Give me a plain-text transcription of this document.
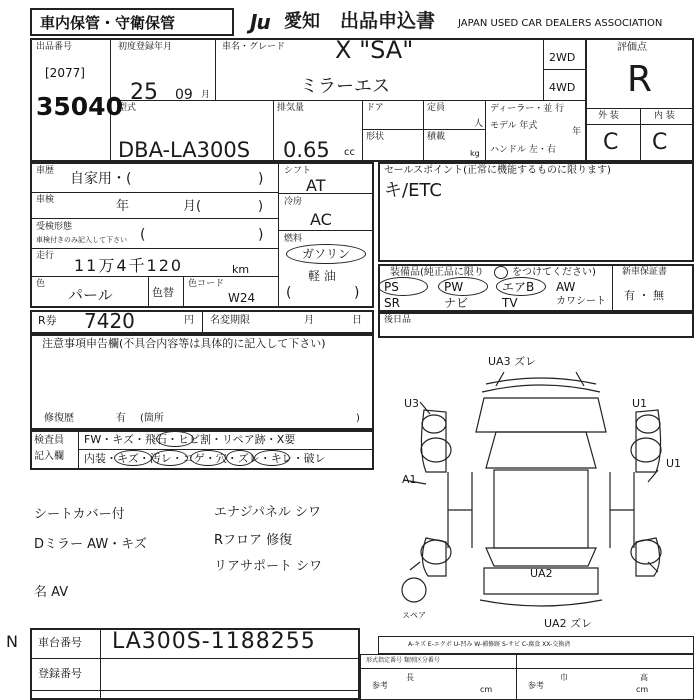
車内保管・守衛保管	Ju 愛知 出品申込書 JAPAN USED CAR DEALERS ASSOCIATION
出品番号
[2077]
35040
初度登録年月
25 09 月
車名・グレード X "SA"
ミラーエス
2WD
4WD
評価点
R
外 装	内 装
C C
型式
DBA-LA300S
排気量
0.65 cc
ドア
形状
定員
人
積載
kg
ディーラー・並 行
モデル 年式
年
ハンドル 左・右
車歴 自家用・(	)
車検	年	月(	)
受検形態
車検付きのみ記入して下さい (	)
走行 11万4千120	km
色
パール	色替
色コード
W24
シフト
AT
冷房
AC
燃料
ガソリン
軽 油
(	)
R券 7420	円 名変期限	月	日
セールスポイント(正常に機能するものに限ります)
キ/ETC
装備品(純正品に限り	をつけてください)	新車保証書
有 ・ 無
PS	PW	エアB AW
SR	ナビ	TV	カワシート
後日品
注意事項申告欄(不具合内容等は具体的に記入して下さい)
修復歴	有 (箇所	)
検査員
記入欄
FW・キズ・飛石・ヒビ割・リペア跡・X要
内装・キズ・汚レ・コゲ・穴・ズレ・キレ・破レ
シートカバー付
Dミラー AW・キズ
エナジパネル シワ
Rフロア 修復
リアサポート シワ
名 AV
UA3 ズレ
U3
A1
U1
U1
UA2
UA2 ズレ
スペア
A-キズ E-エクボ U-凹み W-補修跡 S-サビ C-腐食 XX-交換済
車台番号 LA300S-1188255
登録番号
N
形式指定番号 類別区分番号
参考	参考
長	巾
cm	cm
高
